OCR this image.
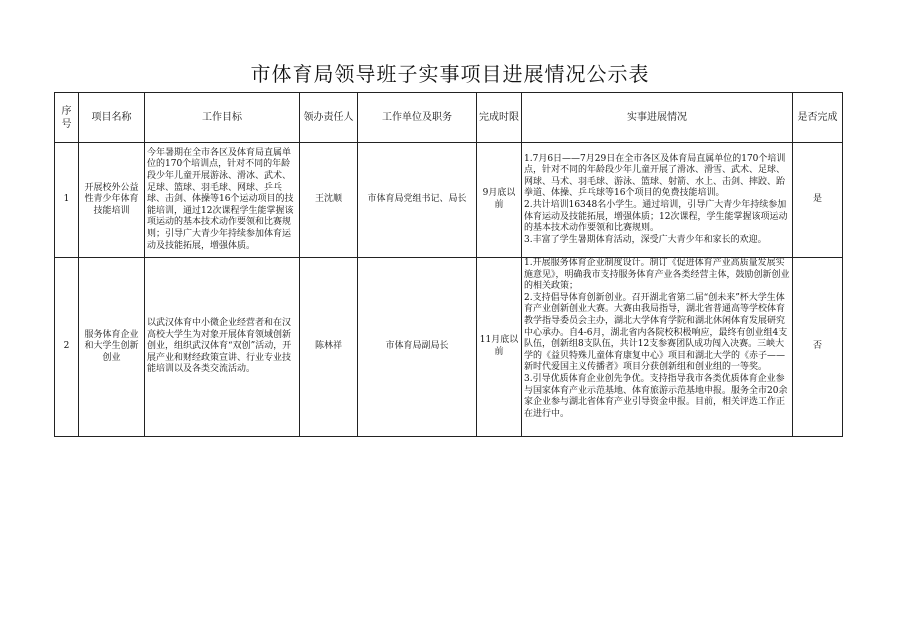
市体育局领导班子实事项目进展情况公示表
序号	项目名称	工作目标	领办责任人	工作单位及职务	完成时限	实事进展情况	是否完成
1	开展校外公益性青少年体育技能培训	今年暑期在全市各区及体育局直属单位的170个培训点，针对不同的年龄段少年儿童开展游泳、滑冰、武术、足球、篮球、羽毛球、网球、乒乓球、击剑、体操等16个运动项目的技能培训，通过12次课程学生能掌握该项运动的基本技术动作要领和比赛规则；引导广大青少年持续参加体育运动及技能拓展，增强体质。	王沈顺	市体育局党组书记、局长	9月底以前	1.7月6日——7月29日在全市各区及体育局直属单位的170个培训点，针对不同的年龄段少年儿童开展了滑冰、滑雪、武术、足球、网球、马术、羽毛球、游泳、篮球、射箭、水上、击剑、摔跤、跆拳道、体操、乒乓球等16个项目的免费技能培训。
2.共计培训16348名小学生。通过培训，引导广大青少年持续参加体育运动及技能拓展，增强体质；12次课程，学生能掌握该项运动的基本技术动作要领和比赛规则。
3.丰富了学生暑期体育活动，深受广大青少年和家长的欢迎。	是
2	服务体育企业和大学生创新创业	以武汉体育中小微企业经营者和在汉高校大学生为对象开展体育领域创新创业，组织武汉体育“双创”活动，开展产业和财经政策宣讲、行业专业技能培训以及各类交流活动。	陈林祥	市体育局副局长	11月底以前	1.开展服务体育企业制度设计。制订《促进体育产业高质量发展实施意见》，明确我市支持服务体育产业各类经营主体，鼓励创新创业的相关政策；
2.支持倡导体育创新创业。召开湖北省第二届“创未来”杯大学生体育产业创新创业大赛。大赛由我局指导，湖北省普通高等学校体育教学指导委员会主办，湖北大学体育学院和湖北休闲体育发展研究中心承办。自4-6月，湖北省内各院校积极响应，最终有创业组4支队伍，创新组8支队伍，共计12支参赛团队成功闯入决赛。三峡大学的《益贝特殊儿童体育康复中心》项目和湖北大学的《赤子——新时代爱国主义传播者》项目分获创新组和创业组的一等奖。
3.引导优质体育企业创先争优。支持指导我市各类优质体育企业参与国家体育产业示范基地、体育旅游示范基地申报。服务全市20余家企业参与湖北省体育产业引导资金申报。目前，相关评选工作正在进行中。	否
